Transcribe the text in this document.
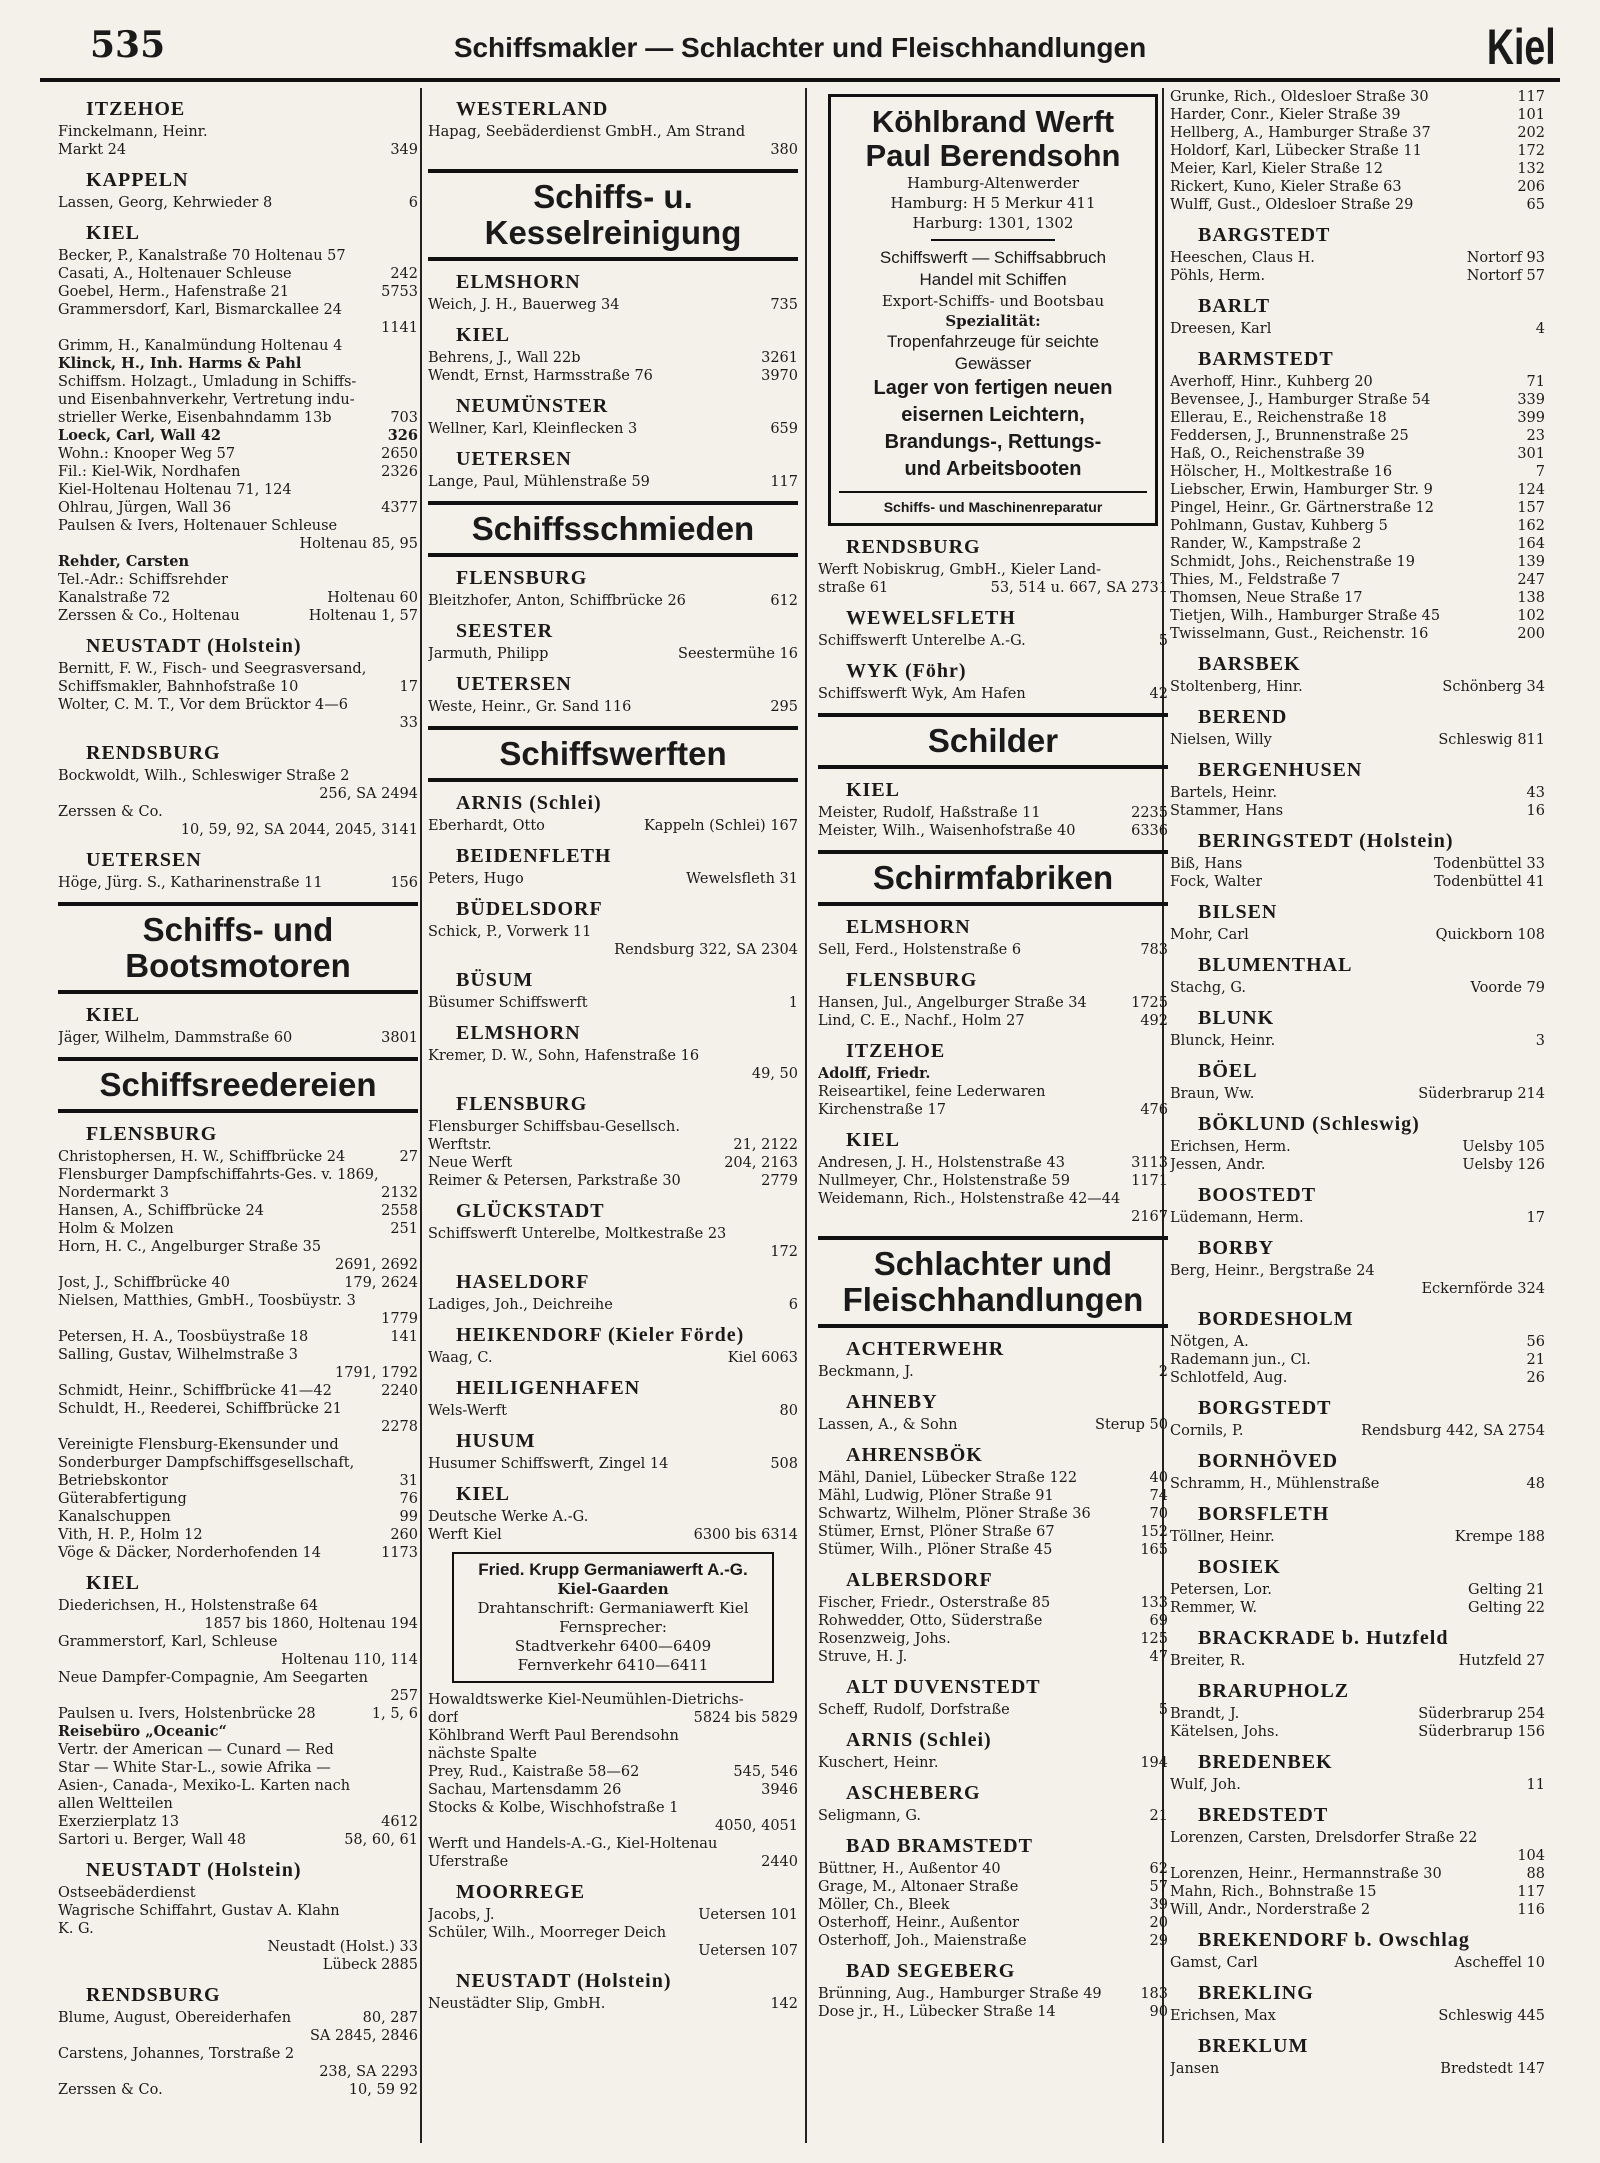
535	Schiffsmakler — Schlachter und Fleischhandlungen	Kiel
ITZEHOE
Finckelmann, Heinr.
Markt 24	349
KAPPELN
Lassen, Georg, Kehrwieder 8	6
KIEL
Becker, P., Kanalstraße 70 Holtenau 57
Casati, A., Holtenauer Schleuse	242
Goebel, Herm., Hafenstraße 21	5753
Grammersdorf, Karl, Bismarckallee 24
1141
Grimm, H., Kanalmündung Holtenau 4
Klinck, H., Inh. Harms & Pahl
Schiffsm. Holzagt., Umladung in Schiffs-
und Eisenbahnverkehr, Vertretung indu-
strieller Werke, Eisenbahndamm 13b	703
Loeck, Carl, Wall 42	326
Wohn.: Knooper Weg 57	2650
Fil.: Kiel-Wik, Nordhafen	2326
Kiel-Holtenau Holtenau 71, 124
Ohlrau, Jürgen, Wall 36	4377
Paulsen & Ivers, Holtenauer Schleuse
Holtenau 85, 95
Rehder, Carsten
Tel.-Adr.: Schiffsrehder
Kanalstraße 72	Holtenau 60
Zerssen & Co., Holtenau	Holtenau 1, 57
NEUSTADT (Holstein)
Bernitt, F. W., Fisch- und Seegrasversand,
Schiffsmakler, Bahnhofstraße 10	17
Wolter, C. M. T., Vor dem Brücktor 4—6
33
RENDSBURG
Bockwoldt, Wilh., Schleswiger Straße 2
256, SA 2494
Zerssen & Co.
10, 59, 92, SA 2044, 2045, 3141
UETERSEN
Höge, Jürg. S., Katharinenstraße 11	156
Schiffs- und Bootsmotoren
KIEL
Jäger, Wilhelm, Dammstraße 60	3801
Schiffsreedereien
FLENSBURG
Christophersen, H. W., Schiffbrücke 24	27
Flensburger Dampfschiffahrts-Ges. v. 1869,
Nordermarkt 3	2132
Hansen, A., Schiffbrücke 24	2558
Holm & Molzen	251
Horn, H. C., Angelburger Straße 35
2691, 2692
Jost, J., Schiffbrücke 40	179, 2624
Nielsen, Matthies, GmbH., Toosbüystr. 3
1779
Petersen, H. A., Toosbüystraße 18	141
Salling, Gustav, Wilhelmstraße 3
1791, 1792
Schmidt, Heinr., Schiffbrücke 41—42	2240
Schuldt, H., Reederei, Schiffbrücke 21
2278
Vereinigte Flensburg-Ekensunder und
Sonderburger Dampfschiffsgesellschaft,
Betriebskontor	31
Güterabfertigung	76
Kanalschuppen	99
Vith, H. P., Holm 12	260
Vöge & Däcker, Norderhofenden 14	1173
KIEL
Diederichsen, H., Holstenstraße 64
1857 bis 1860, Holtenau 194
Grammerstorf, Karl, Schleuse
Holtenau 110, 114
Neue Dampfer-Compagnie, Am Seegarten
257
Paulsen u. Ivers, Holstenbrücke 28	1, 5, 6
Reisebüro „Oceanic“
Vertr. der American — Cunard — Red
Star — White Star-L., sowie Afrika —
Asien-, Canada-, Mexiko-L. Karten nach
allen Weltteilen
Exerzierplatz 13	4612
Sartori u. Berger, Wall 48	58, 60, 61
NEUSTADT (Holstein)
Ostseebäderdienst
Wagrische Schiffahrt, Gustav A. Klahn
K. G.
Neustadt (Holst.) 33
Lübeck 2885
RENDSBURG
Blume, August, Obereiderhafen	80, 287
SA 2845, 2846
Carstens, Johannes, Torstraße 2
238, SA 2293
Zerssen & Co.	10, 59 92
WESTERLAND
Hapag, Seebäderdienst GmbH., Am Strand
380
Schiffs- u. Kesselreinigung
ELMSHORN
Weich, J. H., Bauerweg 34	735
KIEL
Behrens, J., Wall 22b	3261
Wendt, Ernst, Harmsstraße 76	3970
NEUMÜNSTER
Wellner, Karl, Kleinflecken 3	659
UETERSEN
Lange, Paul, Mühlenstraße 59	117
Schiffsschmieden
FLENSBURG
Bleitzhofer, Anton, Schiffbrücke 26	612
SEESTER
Jarmuth, Philipp	Seestermühe 16
UETERSEN
Weste, Heinr., Gr. Sand 116	295
Schiffswerften
ARNIS (Schlei)
Eberhardt, Otto	Kappeln (Schlei) 167
BEIDENFLETH
Peters, Hugo	Wewelsfleth 31
BÜDELSDORF
Schick, P., Vorwerk 11
Rendsburg 322, SA 2304
BÜSUM
Büsumer Schiffswerft	1
ELMSHORN
Kremer, D. W., Sohn, Hafenstraße 16
49, 50
FLENSBURG
Flensburger Schiffsbau-Gesellsch.
Werftstr.	21, 2122
Neue Werft	204, 2163
Reimer & Petersen, Parkstraße 30	2779
GLÜCKSTADT
Schiffswerft Unterelbe, Moltkestraße 23
172
HASELDORF
Ladiges, Joh., Deichreihe	6
HEIKENDORF (Kieler Förde)
Waag, C.	Kiel 6063
HEILIGENHAFEN
Wels-Werft	80
HUSUM
Husumer Schiffswerft, Zingel 14	508
KIEL
Deutsche Werke A.-G.
Werft Kiel	6300 bis 6314
Fried. Krupp Germaniawerft A.-G.
Kiel-Gaarden
Drahtanschrift: Germaniawerft Kiel
Fernsprecher:
Stadtverkehr 6400—6409
Fernverkehr 6410—6411
Howaldtswerke Kiel-Neumühlen-Dietrichs-
dorf	5824 bis 5829
Köhlbrand Werft Paul Berendsohn
nächste Spalte
Prey, Rud., Kaistraße 58—62	545, 546
Sachau, Martensdamm 26	3946
Stocks & Kolbe, Wischhofstraße 1
4050, 4051
Werft und Handels-A.-G., Kiel-Holtenau
Uferstraße	2440
MOORREGE
Jacobs, J.	Uetersen 101
Schüler, Wilh., Moorreger Deich
Uetersen 107
NEUSTADT (Holstein)
Neustädter Slip, GmbH.	142
Köhlbrand Werft
Paul Berendsohn
Hamburg-Altenwerder
Hamburg: H 5 Merkur 411
Harburg: 1301, 1302
Schiffswerft — Schiffsabbruch
Handel mit Schiffen
Export-Schiffs- und Bootsbau
Spezialität:
Tropenfahrzeuge für seichte
Gewässer
Lager von fertigen neuen
eisernen Leichtern,
Brandungs-, Rettungs-
und Arbeitsbooten
Schiffs- und Maschinenreparatur
RENDSBURG
Werft Nobiskrug, GmbH., Kieler Land-
straße 61	53, 514 u. 667, SA 2731
WEWELSFLETH
Schiffswerft Unterelbe A.-G.	5
WYK (Föhr)
Schiffswerft Wyk, Am Hafen	42
Schilder
KIEL
Meister, Rudolf, Haßstraße 11	2235
Meister, Wilh., Waisenhofstraße 40	6336
Schirmfabriken
ELMSHORN
Sell, Ferd., Holstenstraße 6	783
FLENSBURG
Hansen, Jul., Angelburger Straße 34	1725
Lind, C. E., Nachf., Holm 27	492
ITZEHOE
Adolff, Friedr.
Reiseartikel, feine Lederwaren
Kirchenstraße 17	476
KIEL
Andresen, J. H., Holstenstraße 43	3113
Nullmeyer, Chr., Holstenstraße 59	1171
Weidemann, Rich., Holstenstraße 42—44
2167
Schlachter und Fleischhandlungen
ACHTERWEHR
Beckmann, J.	2
AHNEBY
Lassen, A., & Sohn	Sterup 50
AHRENSBÖK
Mähl, Daniel, Lübecker Straße 122	40
Mähl, Ludwig, Plöner Straße 91	74
Schwartz, Wilhelm, Plöner Straße 36	70
Stümer, Ernst, Plöner Straße 67	152
Stümer, Wilh., Plöner Straße 45	165
ALBERSDORF
Fischer, Friedr., Osterstraße 85	133
Rohwedder, Otto, Süderstraße	69
Rosenzweig, Johs.	125
Struve, H. J.	47
ALT DUVENSTEDT
Scheff, Rudolf, Dorfstraße	5
ARNIS (Schlei)
Kuschert, Heinr.	194
ASCHEBERG
Seligmann, G.	21
BAD BRAMSTEDT
Büttner, H., Außentor 40	62
Grage, M., Altonaer Straße	57
Möller, Ch., Bleek	39
Osterhoff, Heinr., Außentor	20
Osterhoff, Joh., Maienstraße	29
BAD SEGEBERG
Brünning, Aug., Hamburger Straße 49	183
Dose jr., H., Lübecker Straße 14	90
Grunke, Rich., Oldesloer Straße 30	117
Harder, Conr., Kieler Straße 39	101
Hellberg, A., Hamburger Straße 37	202
Holdorf, Karl, Lübecker Straße 11	172
Meier, Karl, Kieler Straße 12	132
Rickert, Kuno, Kieler Straße 63	206
Wulff, Gust., Oldesloer Straße 29	65
BARGSTEDT
Heeschen, Claus H.	Nortorf 93
Pöhls, Herm.	Nortorf 57
BARLT
Dreesen, Karl	4
BARMSTEDT
Averhoff, Hinr., Kuhberg 20	71
Bevensee, J., Hamburger Straße 54	339
Ellerau, E., Reichenstraße 18	399
Feddersen, J., Brunnenstraße 25	23
Haß, O., Reichenstraße 39	301
Hölscher, H., Moltkestraße 16	7
Liebscher, Erwin, Hamburger Str. 9	124
Pingel, Heinr., Gr. Gärtnerstraße 12	157
Pohlmann, Gustav, Kuhberg 5	162
Rander, W., Kampstraße 2	164
Schmidt, Johs., Reichenstraße 19	139
Thies, M., Feldstraße 7	247
Thomsen, Neue Straße 17	138
Tietjen, Wilh., Hamburger Straße 45	102
Twisselmann, Gust., Reichenstr. 16	200
BARSBEK
Stoltenberg, Hinr.	Schönberg 34
BEREND
Nielsen, Willy	Schleswig 811
BERGENHUSEN
Bartels, Heinr.	43
Stammer, Hans	16
BERINGSTEDT (Holstein)
Biß, Hans	Todenbüttel 33
Fock, Walter	Todenbüttel 41
BILSEN
Mohr, Carl	Quickborn 108
BLUMENTHAL
Stachg, G.	Voorde 79
BLUNK
Blunck, Heinr.	3
BÖEL
Braun, Ww.	Süderbrarup 214
BÖKLUND (Schleswig)
Erichsen, Herm.	Uelsby 105
Jessen, Andr.	Uelsby 126
BOOSTEDT
Lüdemann, Herm.	17
BORBY
Berg, Heinr., Bergstraße 24
Eckernförde 324
BORDESHOLM
Nötgen, A.	56
Rademann jun., Cl.	21
Schlotfeld, Aug.	26
BORGSTEDT
Cornils, P.	Rendsburg 442, SA 2754
BORNHÖVED
Schramm, H., Mühlenstraße	48
BORSFLETH
Töllner, Heinr.	Krempe 188
BOSIEK
Petersen, Lor.	Gelting 21
Remmer, W.	Gelting 22
BRACKRADE b. Hutzfeld
Breiter, R.	Hutzfeld 27
BRARUPHOLZ
Brandt, J.	Süderbrarup 254
Kätelsen, Johs.	Süderbrarup 156
BREDENBEK
Wulf, Joh.	11
BREDSTEDT
Lorenzen, Carsten, Drelsdorfer Straße 22
104
Lorenzen, Heinr., Hermannstraße 30	88
Mahn, Rich., Bohnstraße 15	117
Will, Andr., Norderstraße 2	116
BREKENDORF b. Owschlag
Gamst, Carl	Ascheffel 10
BREKLING
Erichsen, Max	Schleswig 445
BREKLUM
Jansen	Bredstedt 147
